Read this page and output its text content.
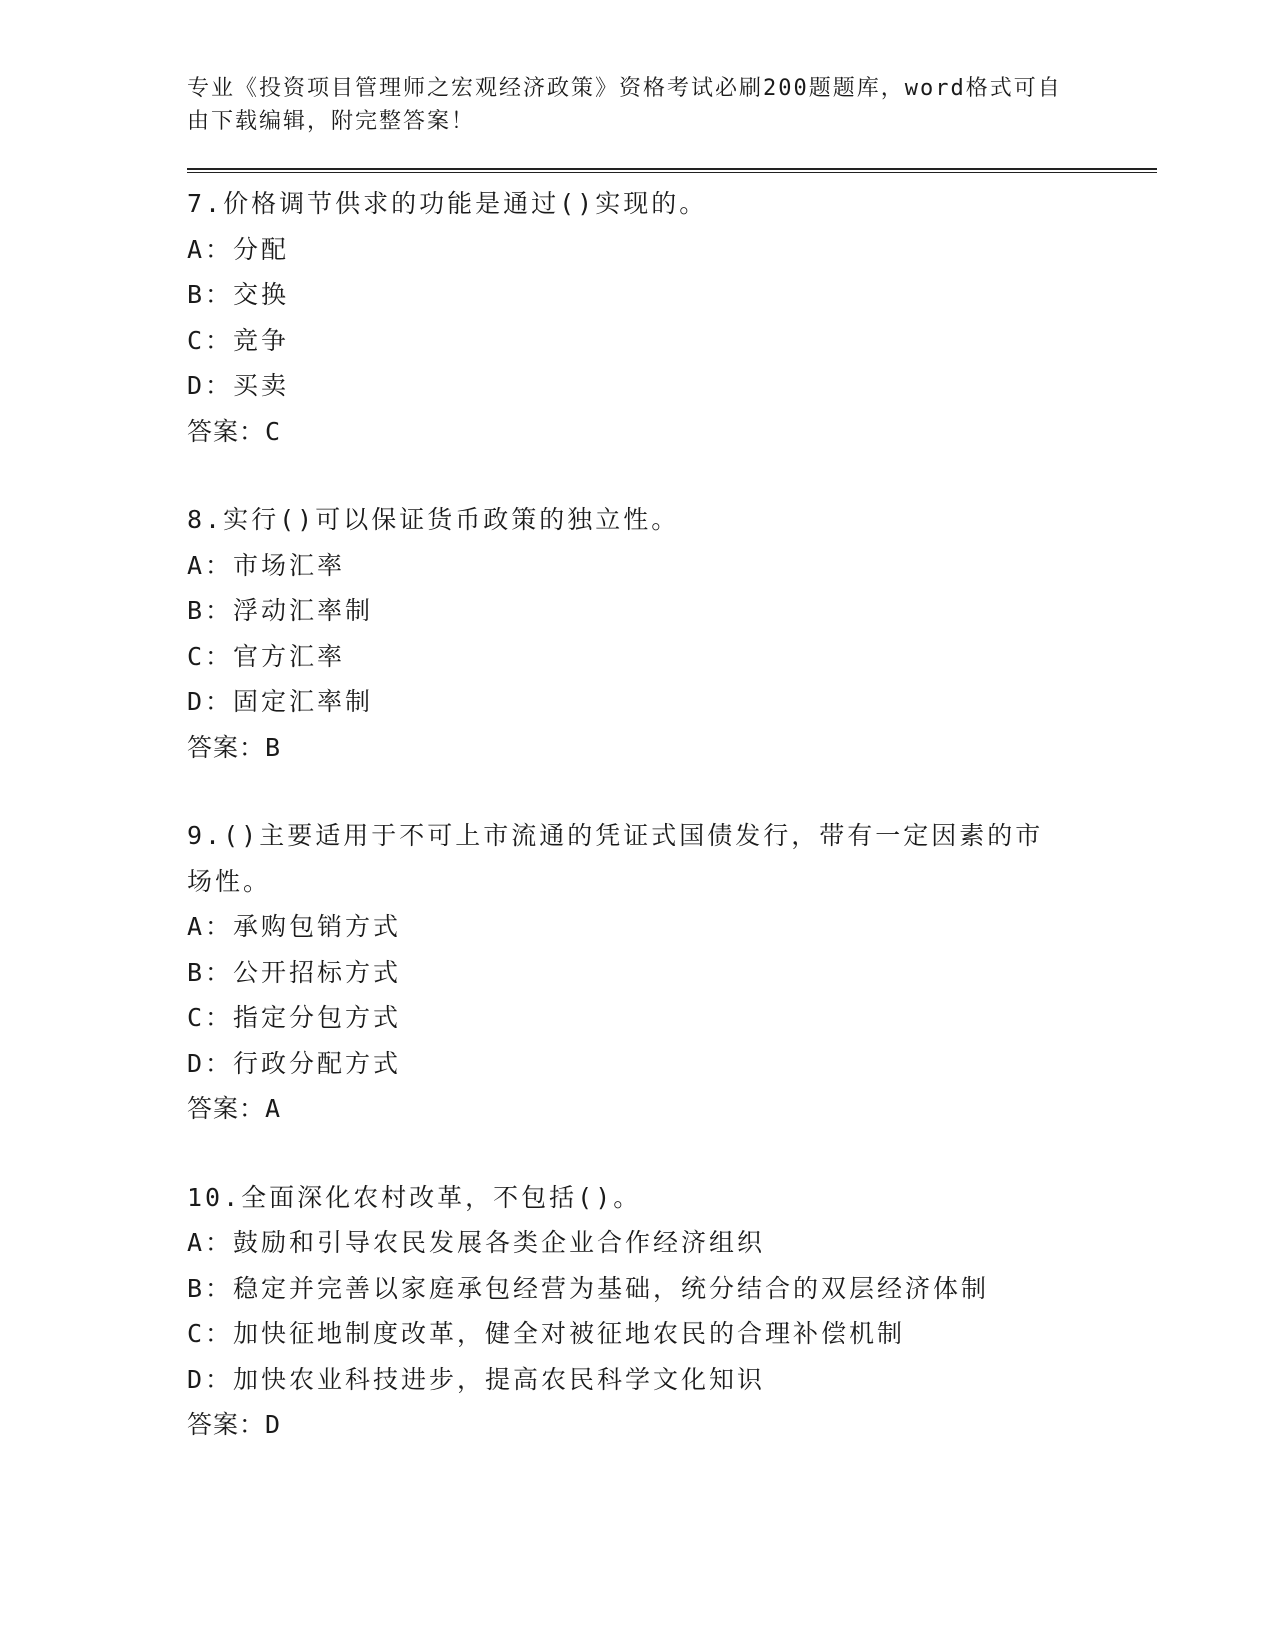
专业《投资项目管理师之宏观经济政策》资格考试必刷200题题库，word格式可自由下载编辑，附完整答案！

7.价格调节供求的功能是通过()实现的。

A：分配

B：交换

C：竞争

D：买卖

答案：C

8.实行()可以保证货币政策的独立性。

A：市场汇率

B：浮动汇率制

C：官方汇率

D：固定汇率制

答案：B

9.()主要适用于不可上市流通的凭证式国债发行，带有一定因素的市场性。

A：承购包销方式

B：公开招标方式

C：指定分包方式

D：行政分配方式

答案：A

10.全面深化农村改革，不包括()。

A：鼓励和引导农民发展各类企业合作经济组织

B：稳定并完善以家庭承包经营为基础，统分结合的双层经济体制

C：加快征地制度改革，健全对被征地农民的合理补偿机制

D：加快农业科技进步，提高农民科学文化知识

答案：D
